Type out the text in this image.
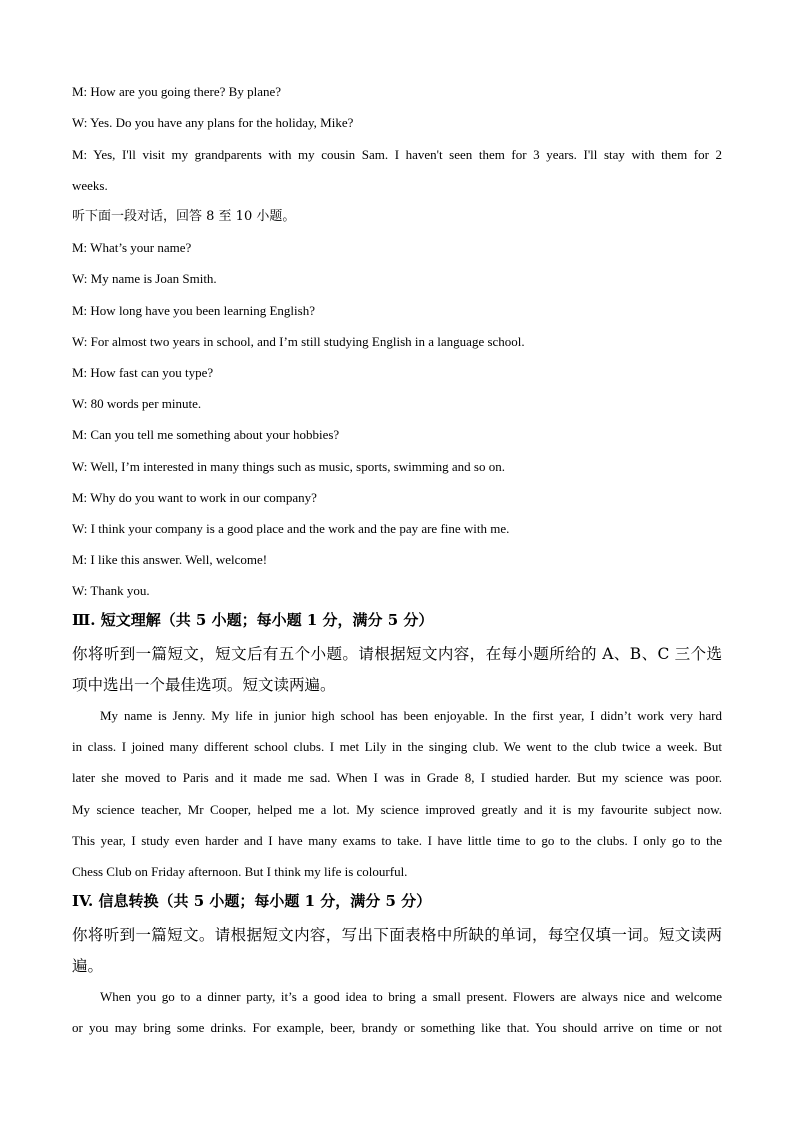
M: How are you going there? By plane?
W: Yes. Do you have any plans for the holiday, Mike?
M: Yes, I'll visit my grandparents with my cousin Sam. I haven't seen them for 3 years. I'll stay with them for 2
weeks.
听下面一段对话，回答 8 至 10 小题。
M: What’s your name?
W: My name is Joan Smith.
M: How long have you been learning English?
W: For almost two years in school, and I’m still studying English in a language school.
M: How fast can you type?
W: 80 words per minute.
M: Can you tell me something about your hobbies?
W: Well, I’m interested in many things such as music, sports, swimming and so on.
M: Why do you want to work in our company?
W: I think your company is a good place and the work and the pay are fine with me.
M: I like this answer. Well, welcome!
W: Thank you.
Ⅲ. 短文理解（共 5 小题；每小题 1 分，满分 5 分）
你将听到一篇短文，短文后有五个小题。请根据短文内容，在每小题所给的 A、B、C 三个选
项中选出一个最佳选项。短文读两遍。
My name is Jenny. My life in junior high school has been enjoyable. In the first year, I didn’t work very hard
in class. I joined many different school clubs. I met Lily in the singing club. We went to the club twice a week. But
later she moved to Paris and it made me sad. When I was in Grade 8, I studied harder. But my science was poor.
My science teacher, Mr Cooper, helped me a lot. My science improved greatly and it is my favourite subject now.
This year, I study even harder and I have many exams to take. I have little time to go to the clubs. I only go to the
Chess Club on Friday afternoon. But I think my life is colourful.
IV. 信息转换（共 5 小题；每小题 1 分，满分 5 分）
你将听到一篇短文。请根据短文内容，写出下面表格中所缺的单词，每空仅填一词。短文读两
遍。
When you go to a dinner party, it’s a good idea to bring a small present. Flowers are always nice and welcome
or you may bring some drinks. For example, beer, brandy or something like that. You should arrive on time or not
